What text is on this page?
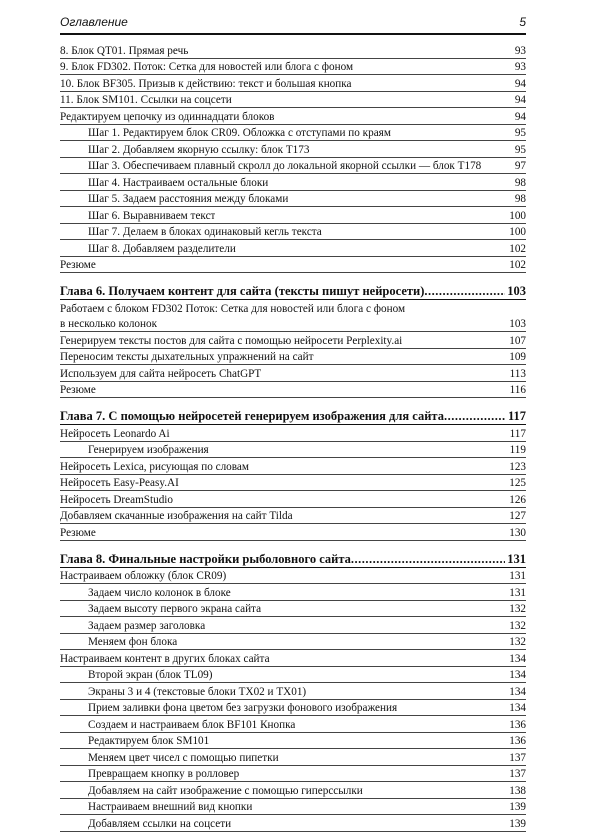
Оглавление	5
8. Блок QT01. Прямая речь	93
9. Блок FD302. Поток: Сетка для новостей или блога с фоном	93
10. Блок BF305. Призыв к действию: текст и большая кнопка	94
11. Блок SM101. Ссылки на соцсети	94
Редактируем цепочку из одиннадцати блоков	94
Шаг 1. Редактируем блок CR09. Обложка с отступами по краям	95
Шаг 2. Добавляем якорную ссылку: блок T173	95
Шаг 3. Обеспечиваем плавный скролл до локальной якорной ссылки — блок T178	97
Шаг 4. Настраиваем остальные блоки	98
Шаг 5. Задаем расстояния между блоками	98
Шаг 6. Выравниваем текст	100
Шаг 7. Делаем в блоках одинаковый кегль текста	100
Шаг 8. Добавляем разделители	102
Резюме	102
Глава 6. Получаем контент для сайта (тексты пишут нейросети) .....	103
Работаем с блоком FD302 Поток: Сетка для новостей или блога с фоном
в несколько колонок	103
Генерируем тексты постов для сайта с помощью нейросети Perplexity.ai	107
Переносим тексты дыхательных упражнений на сайт	109
Используем для сайта нейросеть ChatGPT	113
Резюме	116
Глава 7. С помощью нейросетей генерируем изображения для сайта .....	117
Нейросеть Leonardo Ai	117
Генерируем изображения	119
Нейросеть Lexica, рисующая по словам	123
Нейросеть Easy-Peasy.AI	125
Нейросеть DreamStudio	126
Добавляем скачанные изображения на сайт Tilda	127
Резюме	130
Глава 8. Финальные настройки рыболовного сайта .....	131
Настраиваем обложку (блок CR09)	131
Задаем число колонок в блоке	131
Задаем высоту первого экрана сайта	132
Задаем размер заголовка	132
Меняем фон блока	132
Настраиваем контент в других блоках сайта	134
Второй экран (блок TL09)	134
Экраны 3 и 4 (текстовые блоки TX02 и TX01)	134
Прием заливки фона цветом без загрузки фонового изображения	134
Создаем и настраиваем блок BF101 Кнопка	136
Редактируем блок SM101	136
Меняем цвет чисел с помощью пипетки	137
Превращаем кнопку в ролловер	137
Добавляем на сайт изображение с помощью гиперссылки	138
Настраиваем внешний вид кнопки	139
Добавляем ссылки на соцсети	139
